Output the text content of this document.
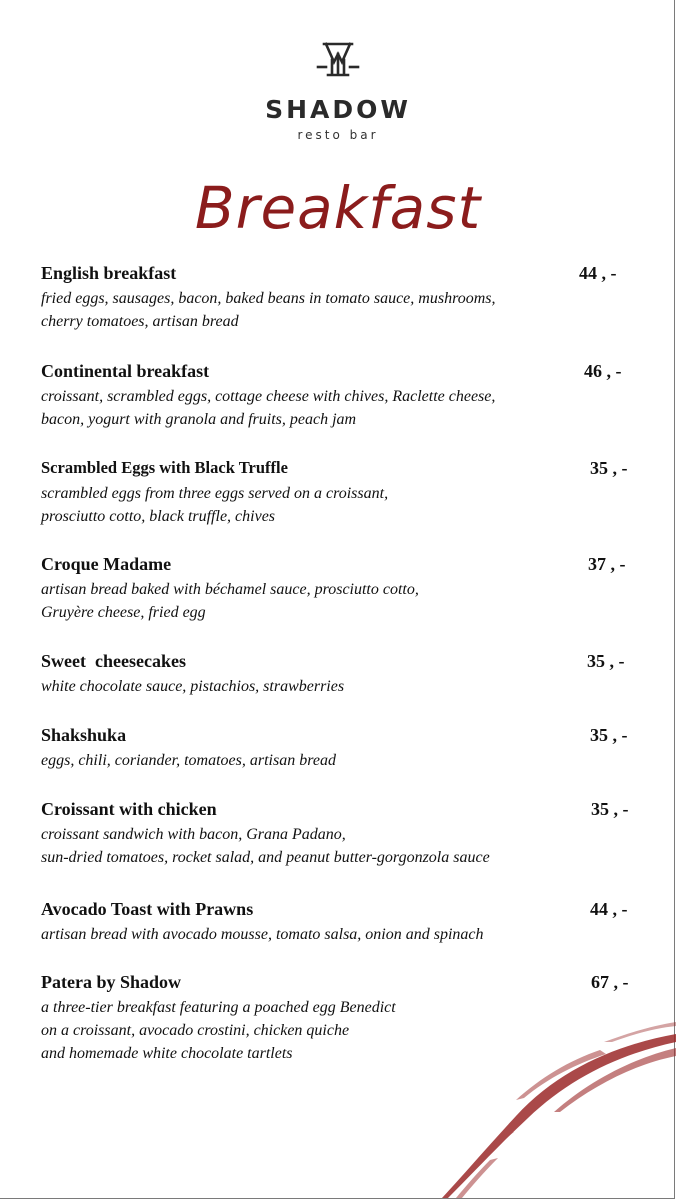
SHADOW
resto bar
Breakfast
English breakfast	44 , -
fried eggs, sausages, bacon, baked beans in tomato sauce, mushrooms,
cherry tomatoes, artisan bread
Continental breakfast	46 , -
croissant, scrambled eggs, cottage cheese with chives, Raclette cheese,
bacon, yogurt with granola and fruits, peach jam
Scrambled Eggs with Black Truffle	35 , -
scrambled eggs from three eggs served on a croissant,
prosciutto cotto, black truffle, chives
Croque Madame	37 , -
artisan bread baked with béchamel sauce, prosciutto cotto,
Gruyère cheese, fried egg
Sweet  cheesecakes	35 , -
white chocolate sauce, pistachios, strawberries
Shakshuka	35 , -
eggs, chili, coriander, tomatoes, artisan bread
Croissant with chicken	35 , -
croissant sandwich with bacon, Grana Padano,
sun-dried tomatoes, rocket salad, and peanut butter-gorgonzola sauce
Avocado Toast with Prawns	44 , -
artisan bread with avocado mousse, tomato salsa, onion and spinach
Patera by Shadow	67 , -
a three-tier breakfast featuring a poached egg Benedict
on a croissant, avocado crostini, chicken quiche
and homemade white chocolate tartlets
